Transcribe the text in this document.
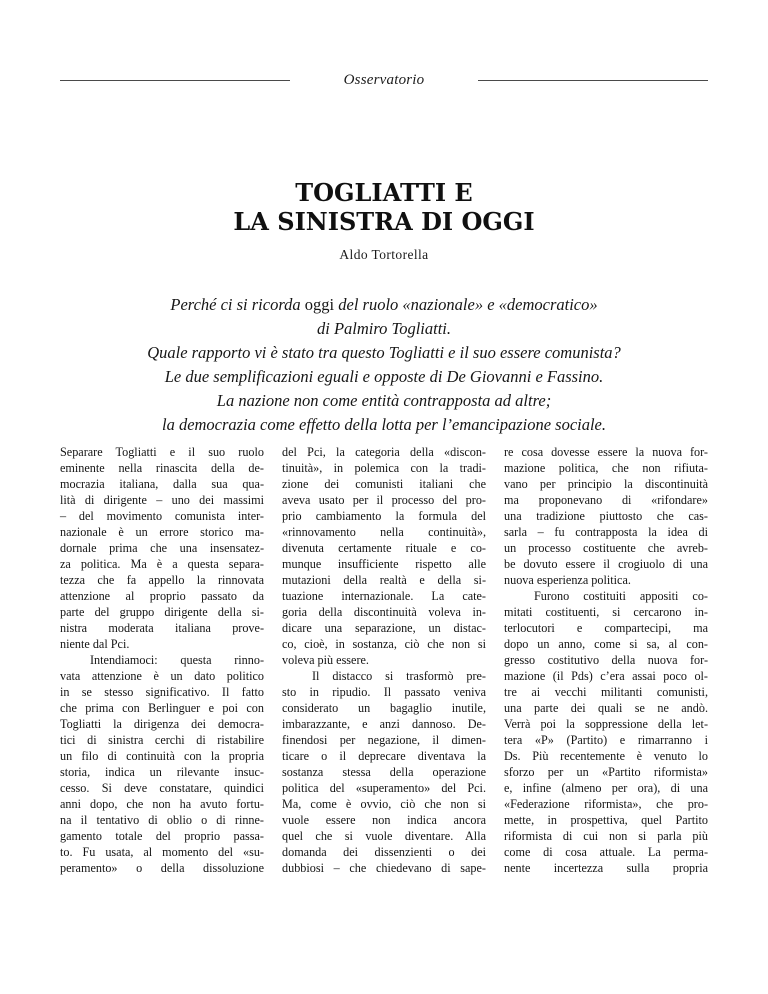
Osservatorio
TOGLIATTI E
LA SINISTRA DI OGGI
Aldo Tortorella
Perché ci si ricorda oggi del ruolo «nazionale» e «democratico»
di Palmiro Togliatti.
Quale rapporto vi è stato tra questo Togliatti e il suo essere comunista?
Le due semplificazioni eguali e opposte di De Giovanni e Fassino.
La nazione non come entità contrapposta ad altre;
la democrazia come effetto della lotta per l’emancipazione sociale.
Separare Togliatti e il suo ruolo
eminente nella rinascita della de-
mocrazia italiana, dalla sua qua-
lità di dirigente – uno dei massimi
– del movimento comunista inter-
nazionale è un errore storico ma-
dornale prima che una insensatez-
za politica. Ma è a questa separa-
tezza che fa appello la rinnovata
attenzione al proprio passato da
parte del gruppo dirigente della si-
nistra moderata italiana prove-
niente dal Pci.
Intendiamoci: questa rinno-
vata attenzione è un dato politico
in se stesso significativo. Il fatto
che prima con Berlinguer e poi con
Togliatti la dirigenza dei democra-
tici di sinistra cerchi di ristabilire
un filo di continuità con la propria
storia, indica un rilevante insuc-
cesso. Si deve constatare, quindici
anni dopo, che non ha avuto fortu-
na il tentativo di oblio o di rinne-
gamento totale del proprio passa-
to. Fu usata, al momento del «su-
peramento» o della dissoluzione
del Pci, la categoria della «discon-
tinuità», in polemica con la tradi-
zione dei comunisti italiani che
aveva usato per il processo del pro-
prio cambiamento la formula del
«rinnovamento nella continuità»,
divenuta certamente rituale e co-
munque insufficiente rispetto alle
mutazioni della realtà e della si-
tuazione internazionale. La cate-
goria della discontinuità voleva in-
dicare una separazione, un distac-
co, cioè, in sostanza, ciò che non si
voleva più essere.
Il distacco si trasformò pre-
sto in ripudio. Il passato veniva
considerato un bagaglio inutile,
imbarazzante, e anzi dannoso. De-
finendosi per negazione, il dimen-
ticare o il deprecare diventava la
sostanza stessa della operazione
politica del «superamento» del Pci.
Ma, come è ovvio, ciò che non si
vuole essere non indica ancora
quel che si vuole diventare. Alla
domanda dei dissenzienti o dei
dubbiosi – che chiedevano di sape-
re cosa dovesse essere la nuova for-
mazione politica, che non rifiuta-
vano per principio la discontinuità
ma proponevano di «rifondare»
una tradizione piuttosto che cas-
sarla – fu contrapposta la idea di
un processo costituente che avreb-
be dovuto essere il crogiuolo di una
nuova esperienza politica.
Furono costituiti appositi co-
mitati costituenti, si cercarono in-
terlocutori e compartecipi, ma
dopo un anno, come si sa, al con-
gresso costitutivo della nuova for-
mazione (il Pds) c’era assai poco ol-
tre ai vecchi militanti comunisti,
una parte dei quali se ne andò.
Verrà poi la soppressione della let-
tera «P» (Partito) e rimarranno i
Ds. Più recentemente è venuto lo
sforzo per un «Partito riformista»
e, infine (almeno per ora), di una
«Federazione riformista», che pro-
mette, in prospettiva, quel Partito
riformista di cui non si parla più
come di cosa attuale. La perma-
nente incertezza sulla propria
